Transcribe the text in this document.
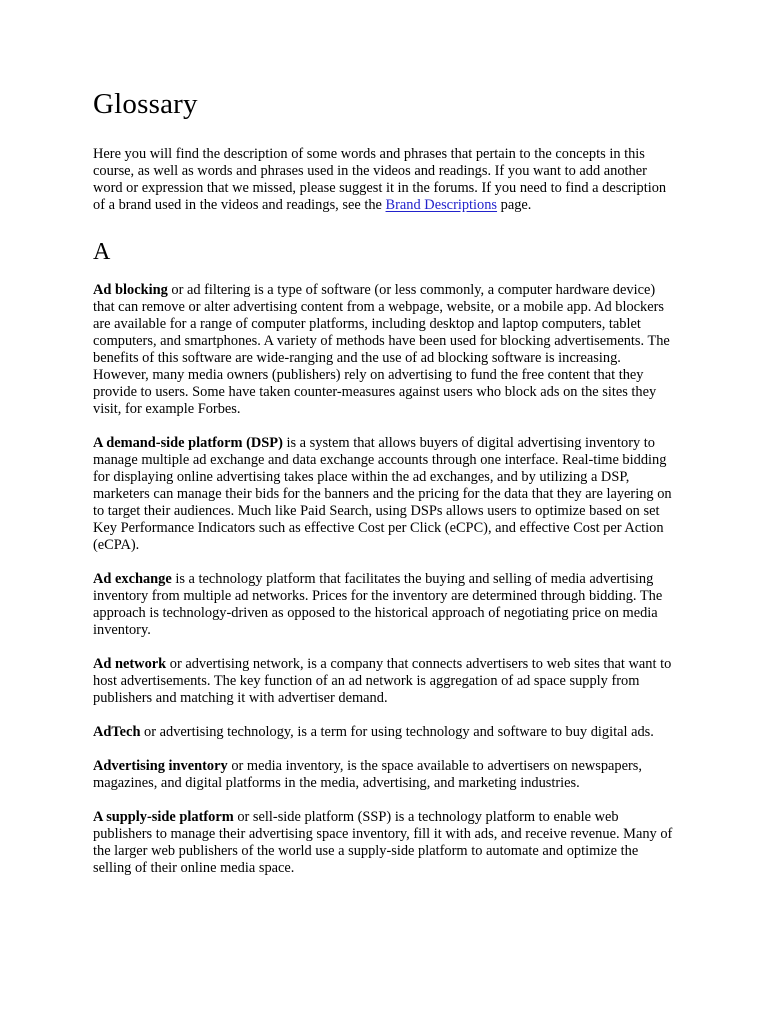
Glossary

Here you will find the description of some words and phrases that pertain to the concepts in this course, as well as words and phrases used in the videos and readings. If you want to add another word or expression that we missed, please suggest it in the forums. If you need to find a description of a brand used in the videos and readings, see the Brand Descriptions page.

A

Ad blocking or ad filtering is a type of software (or less commonly, a computer hardware device) that can remove or alter advertising content from a webpage, website, or a mobile app. Ad blockers are available for a range of computer platforms, including desktop and laptop computers, tablet computers, and smartphones. A variety of methods have been used for blocking advertisements. The benefits of this software are wide-ranging and the use of ad blocking software is increasing. However, many media owners (publishers) rely on advertising to fund the free content that they provide to users. Some have taken counter-measures against users who block ads on the sites they visit, for example Forbes.

A demand-side platform (DSP) is a system that allows buyers of digital advertising inventory to manage multiple ad exchange and data exchange accounts through one interface. Real-time bidding for displaying online advertising takes place within the ad exchanges, and by utilizing a DSP, marketers can manage their bids for the banners and the pricing for the data that they are layering on to target their audiences. Much like Paid Search, using DSPs allows users to optimize based on set Key Performance Indicators such as effective Cost per Click (eCPC), and effective Cost per Action (eCPA).

Ad exchange is a technology platform that facilitates the buying and selling of media advertising inventory from multiple ad networks. Prices for the inventory are determined through bidding. The approach is technology-driven as opposed to the historical approach of negotiating price on media inventory.

Ad network or advertising network, is a company that connects advertisers to web sites that want to host advertisements. The key function of an ad network is aggregation of ad space supply from publishers and matching it with advertiser demand.

AdTech or advertising technology, is a term for using technology and software to buy digital ads.

Advertising inventory or media inventory, is the space available to advertisers on newspapers, magazines, and digital platforms in the media, advertising, and marketing industries.

A supply-side platform or sell-side platform (SSP) is a technology platform to enable web publishers to manage their advertising space inventory, fill it with ads, and receive revenue. Many of the larger web publishers of the world use a supply-side platform to automate and optimize the selling of their online media space.
